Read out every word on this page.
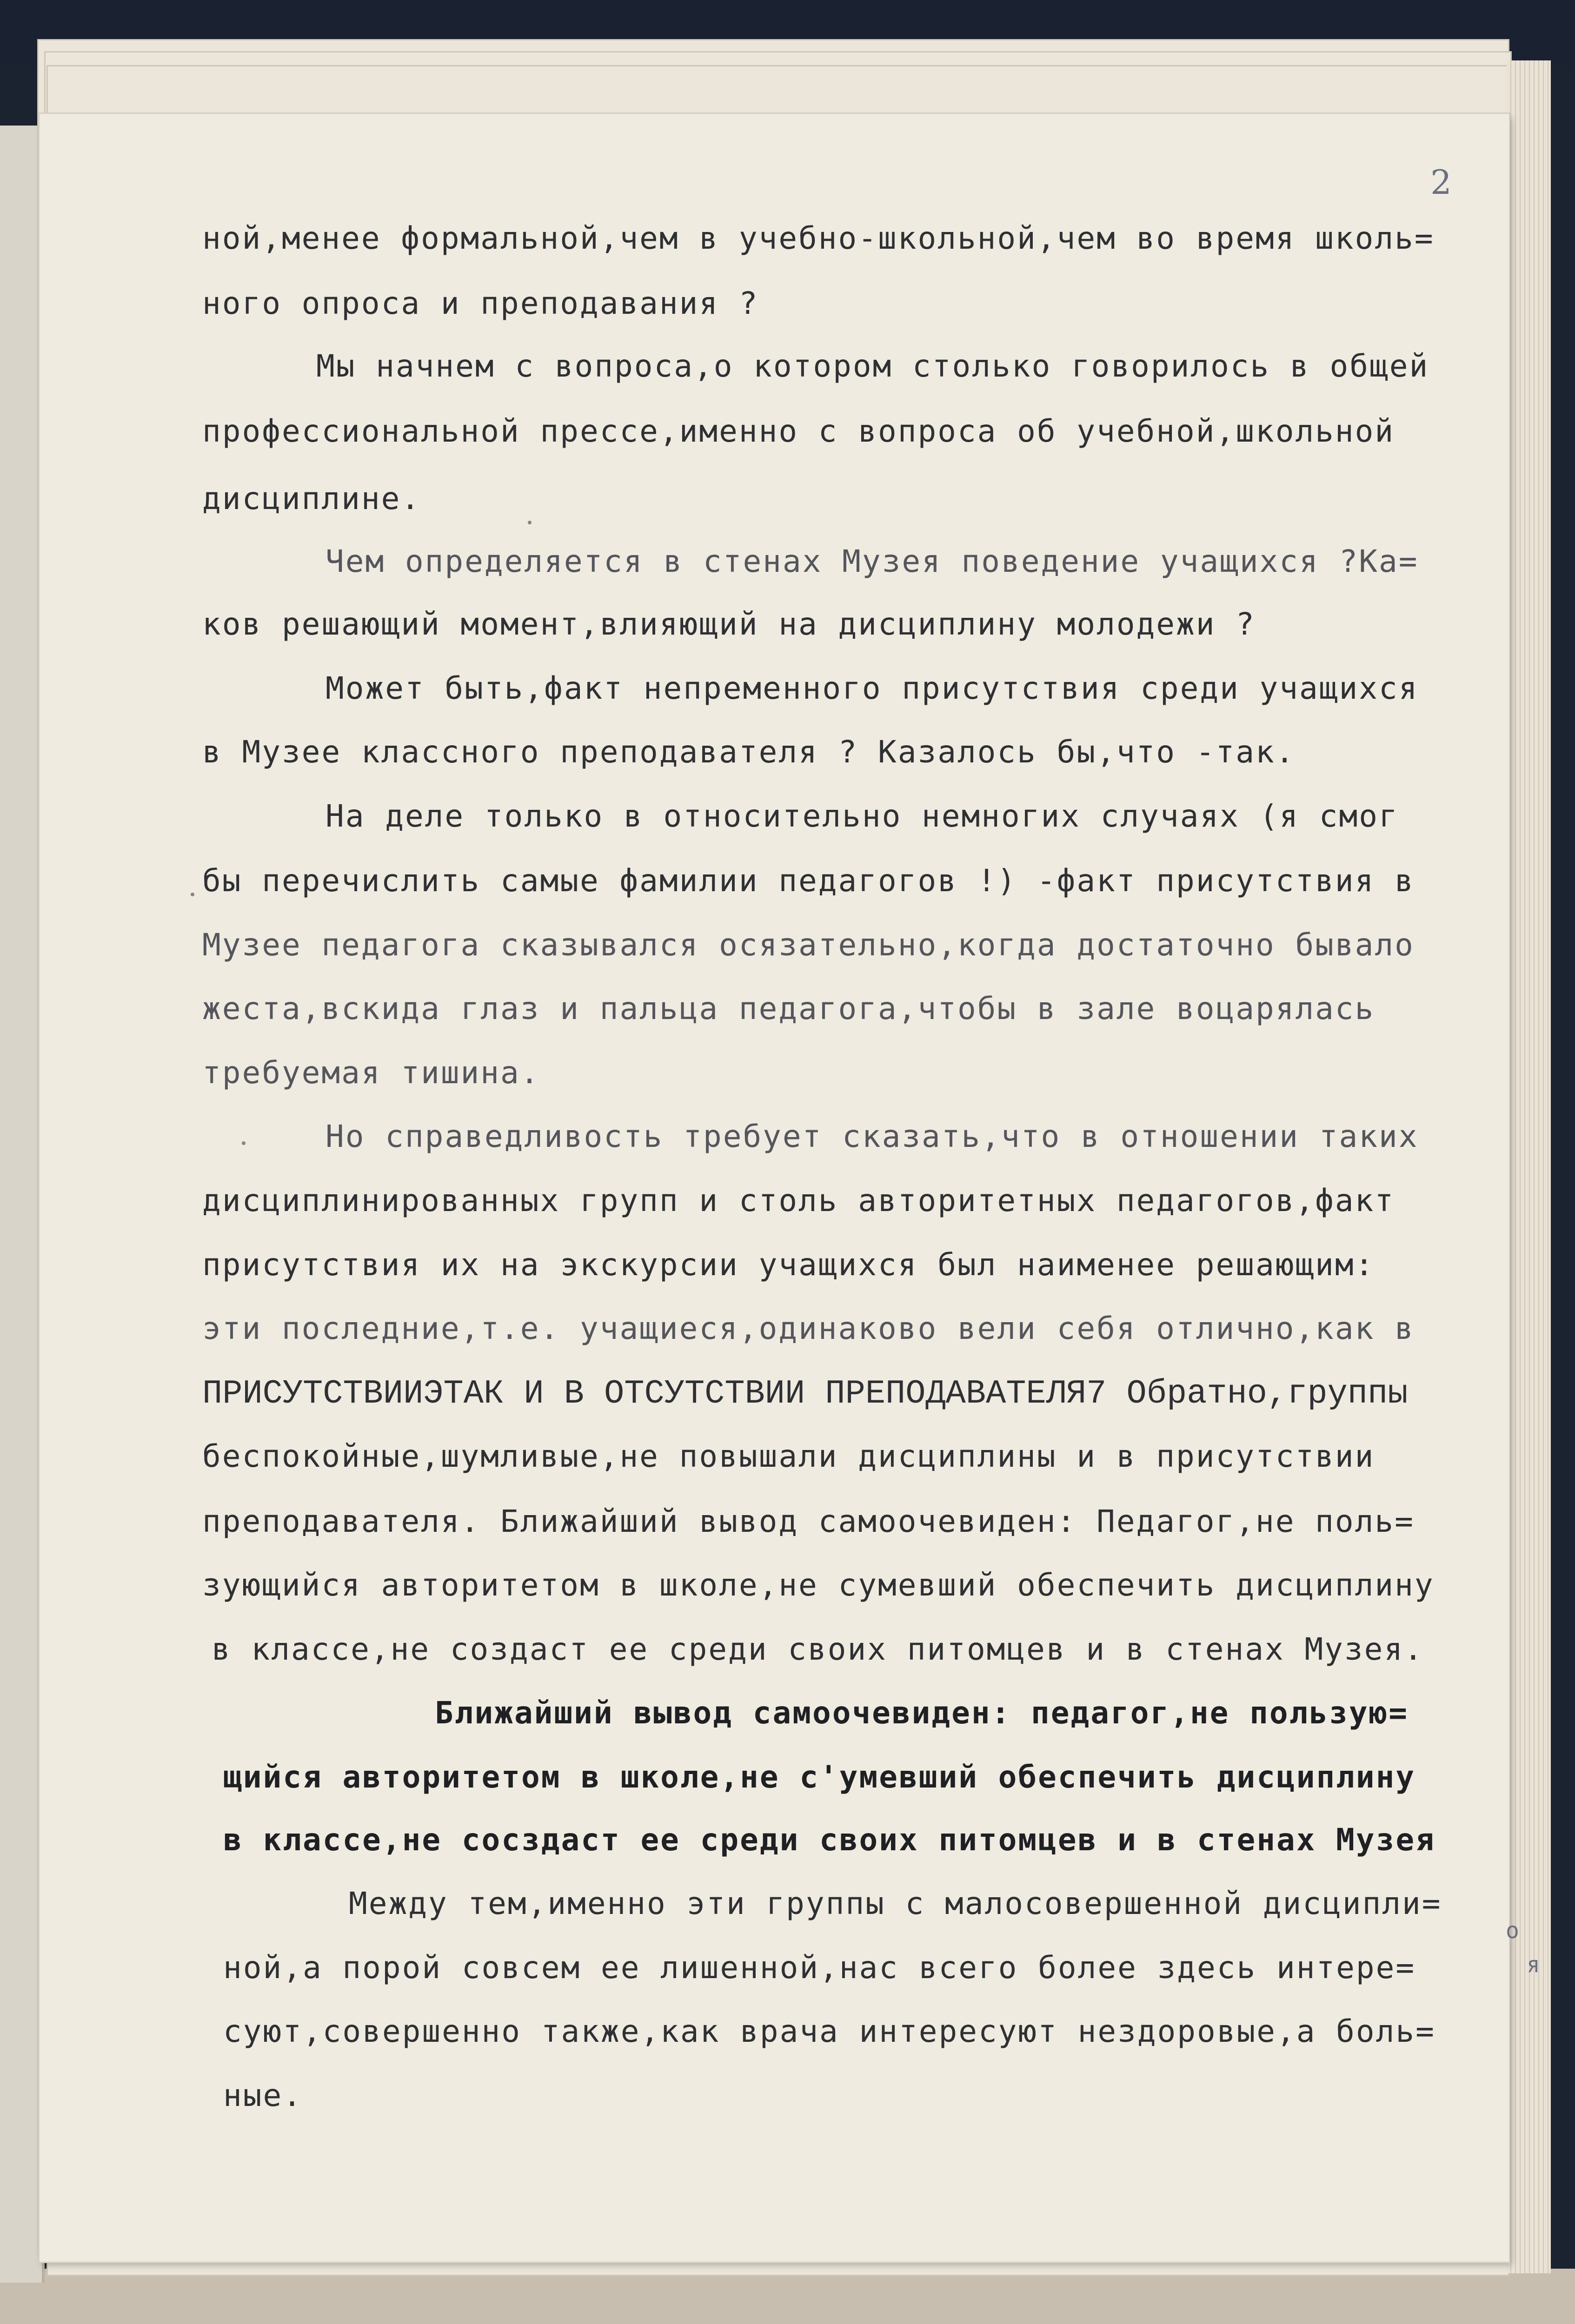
2
ной,менее формальной,чем в учебно-школьной,чем во время школь=
ного опроса и преподавания ?
Мы начнем с вопроса,о котором столько говорилось в общей
профессиональной прессе,именно с вопроса об учебной,школьной
дисциплине.
Чем определяется в стенах Музея поведение учащихся ?Ка=
ков решающий момент,влияющий на дисциплину молодежи ?
Может быть,факт непременного присутствия среди учащихся
в Музее классного преподавателя ? Казалось бы,что -так.
На деле только в относительно немногих случаях (я смог
бы перечислить самые фамилии педагогов !) -факт присутствия в
Музее педагога сказывался осязательно,когда достаточно бывало
жеста,вскида глаз и пальца педагога,чтобы в зале воцарялась
требуемая тишина.
Но справедливость требует сказать,что в отношении таких
дисциплинированных групп и столь авторитетных педагогов,факт
присутствия их на экскурсии учащихся был наименее решающим:
эти последние,т.е. учащиеся,одинаково вели себя отлично,как в
ПРИСУТСТВИИЭТАК И В ОТСУТСТВИИ ПРЕПОДАВАТЕЛЯ7 Обратно,группы
беспокойные,шумливые,не повышали дисциплины и в присутствии
преподавателя. Ближайший вывод самоочевиден: Педагог,не поль=
зующийся авторитетом в школе,не сумевший обеспечить дисциплину
в классе,не создаст ее среди своих питомцев и в стенах Музея.
Ближайший вывод самоочевиден: педагог,не пользую=
щийся авторитетом в школе,не с'умевший обеспечить дисциплину
в классе,не сосздаст ее среди своих питомцев и в стенах Музея
Между тем,именно эти группы с малосовершенной дисципли=
ной,а порой совсем ее лишенной,нас всего более здесь интере=
суют,совершенно также,как врача интересуют нездоровые,а боль=
ные.
о
я
